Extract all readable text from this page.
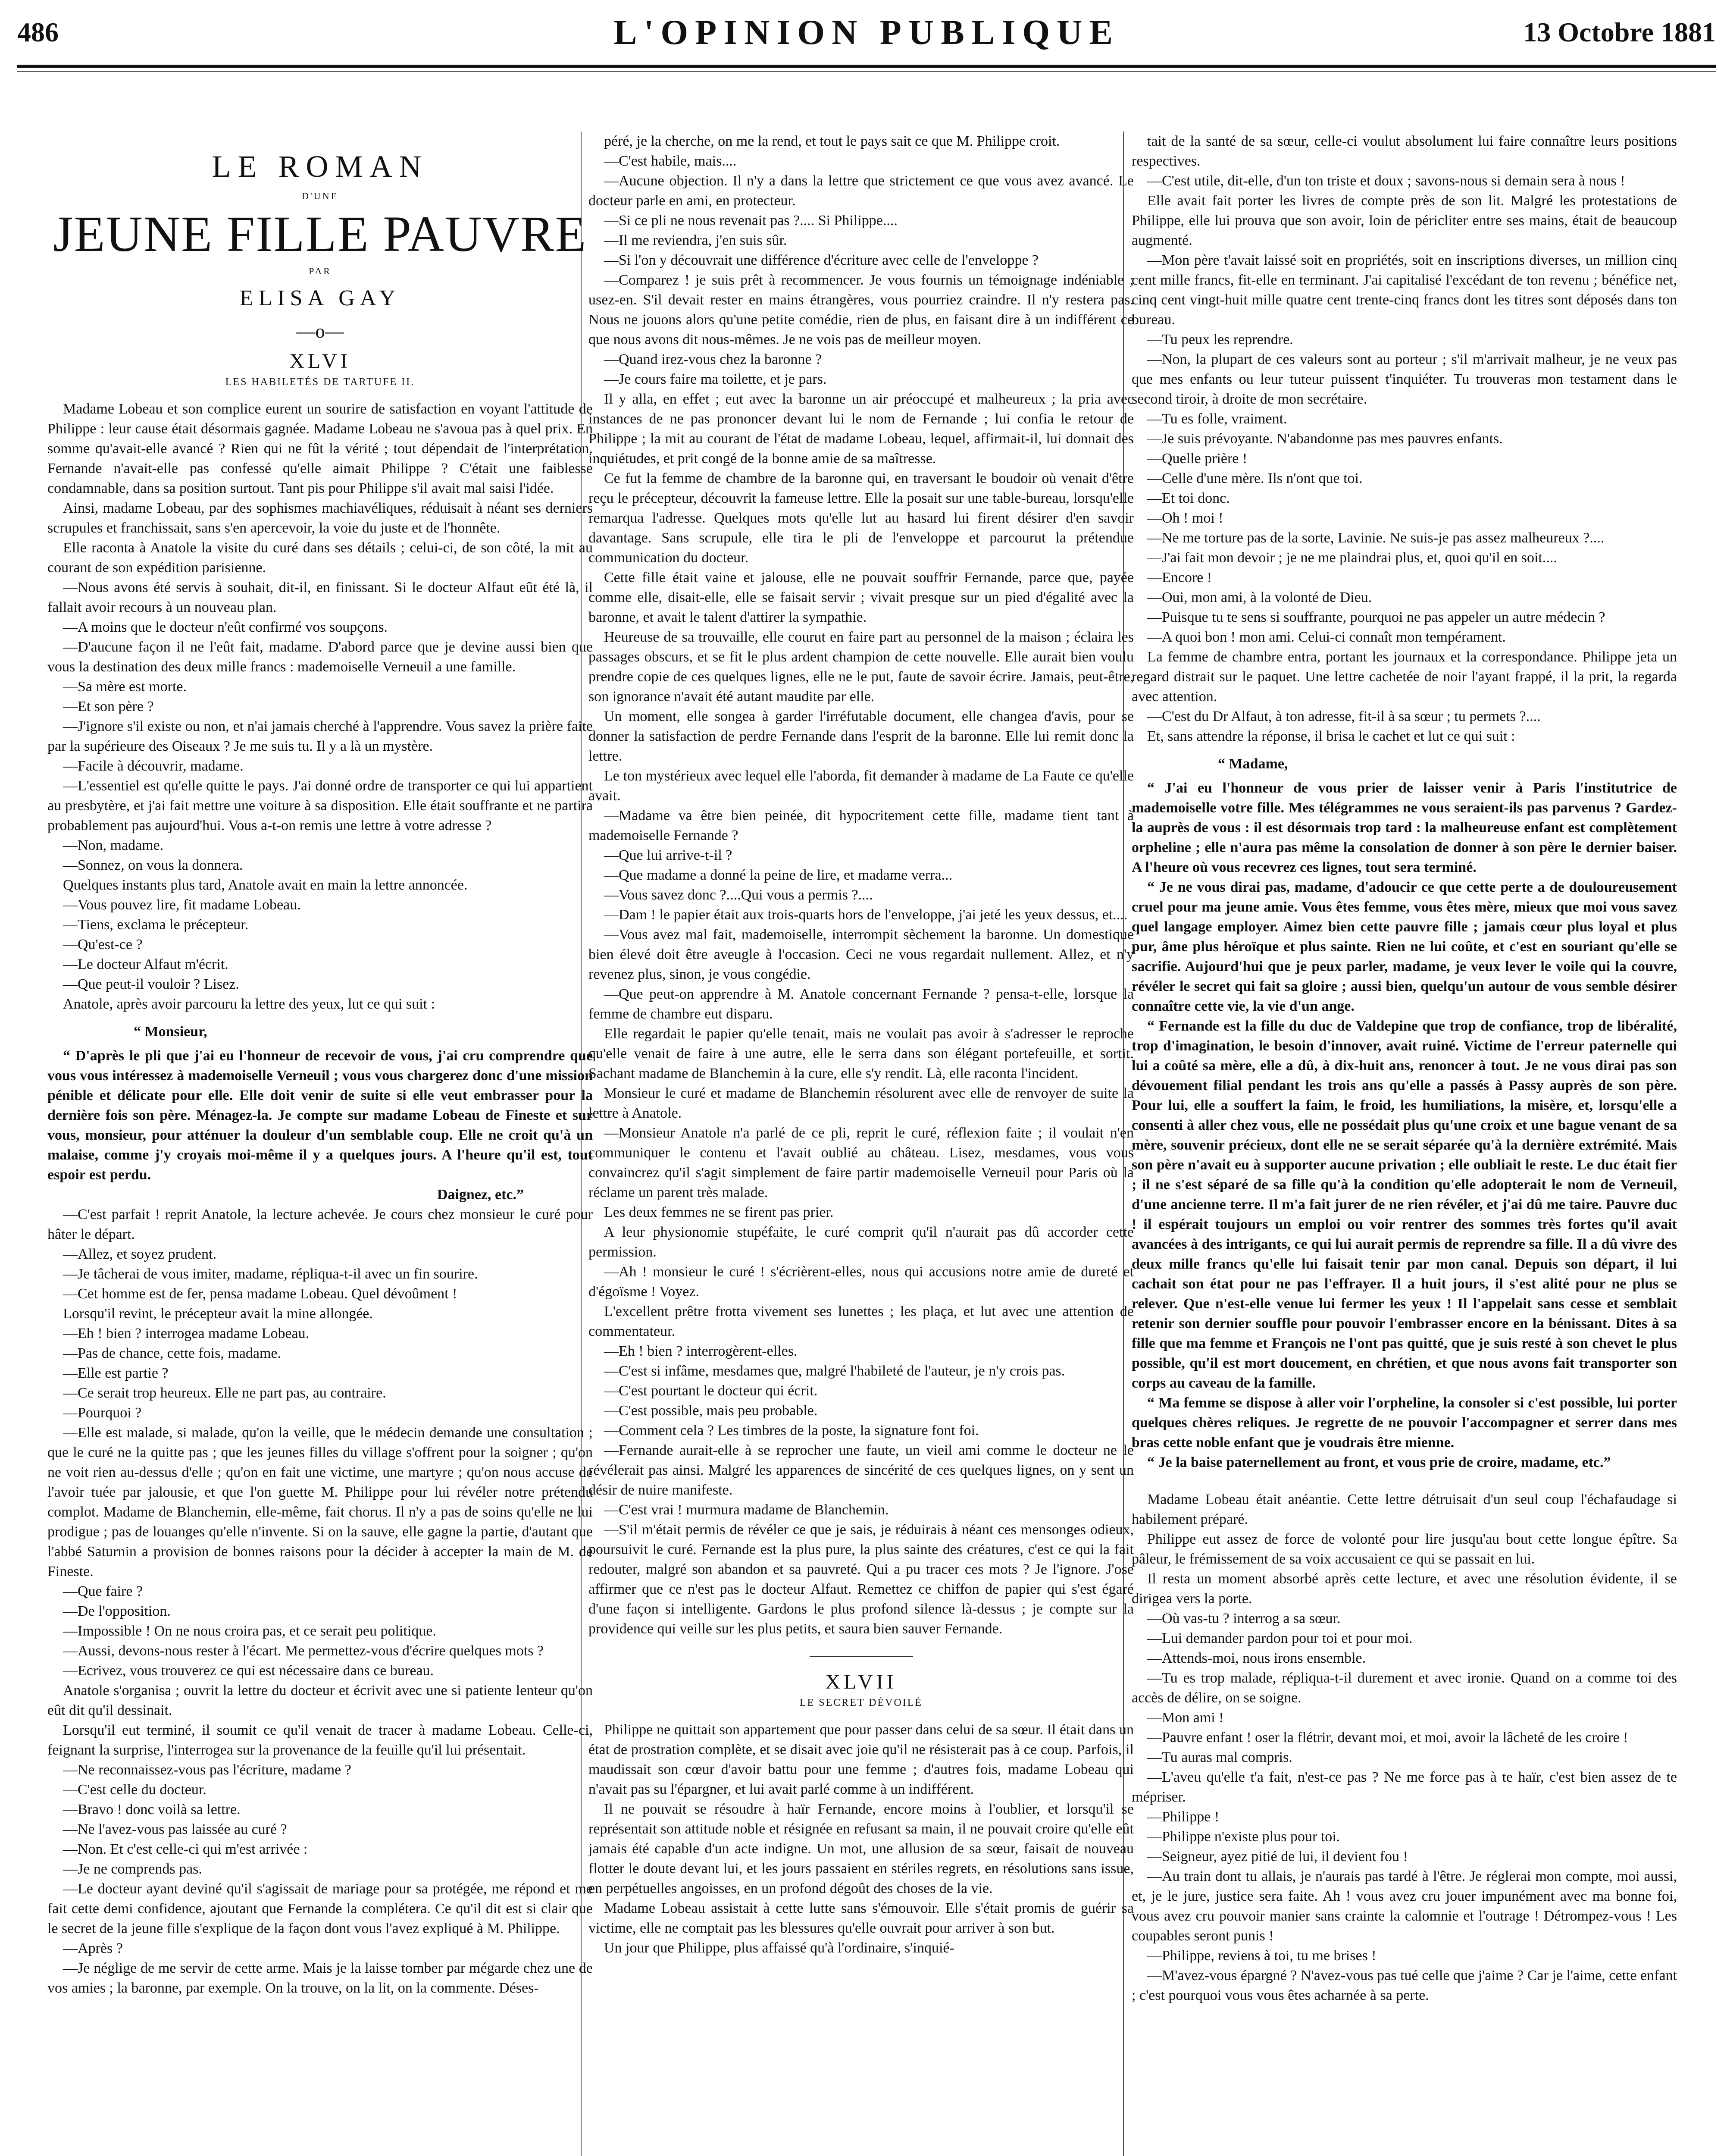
486	L'OPINION PUBLIQUE	13 Octobre 1881
LE ROMAN
D'UNE
JEUNE FILLE PAUVRE
PAR
ELISA GAY
—o—
XLVI
LES HABILETÉS DE TARTUFE II.

Madame Lobeau et son complice eurent un sourire de satisfaction en voyant l'attitude de Philippe : leur cause était désormais gagnée. Madame Lobeau ne s'avoua pas à quel prix. En somme qu'avait-elle avancé ? Rien qui ne fût la vérité ; tout dépendait de l'interprétation. Fernande n'avait-elle pas confessé qu'elle aimait Philippe ? C'était une faiblesse condamnable, dans sa position surtout. Tant pis pour Philippe s'il avait mal saisi l'idée.

Ainsi, madame Lobeau, par des sophismes machiavéliques, réduisait à néant ses derniers scrupules et franchissait, sans s'en apercevoir, la voie du juste et de l'honnête.

Elle raconta à Anatole la visite du curé dans ses détails ; celui-ci, de son côté, la mit au courant de son expédition parisienne.

—Nous avons été servis à souhait, dit-il, en finissant. Si le docteur Alfaut eût été là, il fallait avoir recours à un nouveau plan.

—A moins que le docteur n'eût confirmé vos soupçons.

—D'aucune façon il ne l'eût fait, madame. D'abord parce que je devine aussi bien que vous la destination des deux mille francs : mademoiselle Verneuil a une famille.

—Sa mère est morte.

—Et son père ?

—J'ignore s'il existe ou non, et n'ai jamais cherché à l'apprendre. Vous savez la prière faite par la supérieure des Oiseaux ? Je me suis tu. Il y a là un mystère.

—Facile à découvrir, madame.

—L'essentiel est qu'elle quitte le pays. J'ai donné ordre de transporter ce qui lui appartient au presbytère, et j'ai fait mettre une voiture à sa disposition. Elle était souffrante et ne partira probablement pas aujourd'hui. Vous a-t-on remis une lettre à votre adresse ?

—Non, madame.

—Sonnez, on vous la donnera.

Quelques instants plus tard, Anatole avait en main la lettre annoncée.

—Vous pouvez lire, fit madame Lobeau.

—Tiens, exclama le précepteur.

—Qu'est-ce ?

—Le docteur Alfaut m'écrit.

—Que peut-il vouloir ? Lisez.

Anatole, après avoir parcouru la lettre des yeux, lut ce qui suit :

“ Monsieur,

“ D'après le pli que j'ai eu l'honneur de recevoir de vous, j'ai cru comprendre que vous vous intéressez à mademoiselle Verneuil ; vous vous chargerez donc d'une mission pénible et délicate pour elle. Elle doit venir de suite si elle veut embrasser pour la dernière fois son père. Ménagez-la. Je compte sur madame Lobeau de Fineste et sur vous, monsieur, pour atténuer la douleur d'un semblable coup. Elle ne croit qu'à un malaise, comme j'y croyais moi-même il y a quelques jours. A l'heure qu'il est, tout espoir est perdu.

Daignez, etc.”

—C'est parfait ! reprit Anatole, la lecture achevée. Je cours chez monsieur le curé pour hâter le départ.

—Allez, et soyez prudent.

—Je tâcherai de vous imiter, madame, répliqua-t-il avec un fin sourire.

—Cet homme est de fer, pensa madame Lobeau. Quel dévoûment !

Lorsqu'il revint, le précepteur avait la mine allongée.

—Eh ! bien ? interrogea madame Lobeau.

—Pas de chance, cette fois, madame.

—Elle est partie ?

—Ce serait trop heureux. Elle ne part pas, au contraire.

—Pourquoi ?

—Elle est malade, si malade, qu'on la veille, que le médecin demande une consultation ; que le curé ne la quitte pas ; que les jeunes filles du village s'offrent pour la soigner ; qu'on ne voit rien au-dessus d'elle ; qu'on en fait une victime, une martyre ; qu'on nous accuse de l'avoir tuée par jalousie, et que l'on guette M. Philippe pour lui révéler notre prétendu complot. Madame de Blanchemin, elle-même, fait chorus. Il n'y a pas de soins qu'elle ne lui prodigue ; pas de louanges qu'elle n'invente. Si on la sauve, elle gagne la partie, d'autant que l'abbé Saturnin a provision de bonnes raisons pour la décider à accepter la main de M. de Fineste.

—Que faire ?

—De l'opposition.

—Impossible ! On ne nous croira pas, et ce serait peu politique.

—Aussi, devons-nous rester à l'écart. Me permettez-vous d'écrire quelques mots ?

—Ecrivez, vous trouverez ce qui est nécessaire dans ce bureau.

Anatole s'organisa ; ouvrit la lettre du docteur et écrivit avec une si patiente lenteur qu'on eût dit qu'il dessinait.

Lorsqu'il eut terminé, il soumit ce qu'il venait de tracer à madame Lobeau. Celle-ci, feignant la surprise, l'interrogea sur la provenance de la feuille qu'il lui présentait.

—Ne reconnaissez-vous pas l'écriture, madame ?

—C'est celle du docteur.

—Bravo ! donc voilà sa lettre.

—Ne l'avez-vous pas laissée au curé ?

—Non. Et c'est celle-ci qui m'est arrivée :

—Je ne comprends pas.

—Le docteur ayant deviné qu'il s'agissait de mariage pour sa protégée, me répond et me fait cette demi confidence, ajoutant que Fernande la complétera. Ce qu'il dit est si clair que le secret de la jeune fille s'explique de la façon dont vous l'avez expliqué à M. Philippe.

—Après ?

—Je néglige de me servir de cette arme. Mais je la laisse tomber par mégarde chez une de vos amies ; la baronne, par exemple. On la trouve, on la lit, on la commente. Déses-

péré, je la cherche, on me la rend, et tout le pays sait ce que M. Philippe croit.

—C'est habile, mais....

—Aucune objection. Il n'y a dans la lettre que strictement ce que vous avez avancé. Le docteur parle en ami, en protecteur.

—Si ce pli ne nous revenait pas ?.... Si Philippe....

—Il me reviendra, j'en suis sûr.

—Si l'on y découvrait une différence d'écriture avec celle de l'enveloppe ?

—Comparez ! je suis prêt à recommencer. Je vous fournis un témoignage indéniable ; usez-en. S'il devait rester en mains étrangères, vous pourriez craindre. Il n'y restera pas. Nous ne jouons alors qu'une petite comédie, rien de plus, en faisant dire à un indifférent ce que nous avons dit nous-mêmes. Je ne vois pas de meilleur moyen.

—Quand irez-vous chez la baronne ?

—Je cours faire ma toilette, et je pars.

Il y alla, en effet ; eut avec la baronne un air préoccupé et malheureux ; la pria avec instances de ne pas prononcer devant lui le nom de Fernande ; lui confia le retour de Philippe ; la mit au courant de l'état de madame Lobeau, lequel, affirmait-il, lui donnait des inquiétudes, et prit congé de la bonne amie de sa maîtresse.

Ce fut la femme de chambre de la baronne qui, en traversant le boudoir où venait d'être reçu le précepteur, découvrit la fameuse lettre. Elle la posait sur une table-bureau, lorsqu'elle remarqua l'adresse. Quelques mots qu'elle lut au hasard lui firent désirer d'en savoir davantage. Sans scrupule, elle tira le pli de l'enveloppe et parcourut la prétendue communication du docteur.

Cette fille était vaine et jalouse, elle ne pouvait souffrir Fernande, parce que, payée comme elle, disait-elle, elle se faisait servir ; vivait presque sur un pied d'égalité avec la baronne, et avait le talent d'attirer la sympathie.

Heureuse de sa trouvaille, elle courut en faire part au personnel de la maison ; éclaira les passages obscurs, et se fit le plus ardent champion de cette nouvelle. Elle aurait bien voulu prendre copie de ces quelques lignes, elle ne le put, faute de savoir écrire. Jamais, peut-être, son ignorance n'avait été autant maudite par elle.

Un moment, elle songea à garder l'irréfutable document, elle changea d'avis, pour se donner la satisfaction de perdre Fernande dans l'esprit de la baronne. Elle lui remit donc la lettre.

Le ton mystérieux avec lequel elle l'aborda, fit demander à madame de La Faute ce qu'elle avait.

—Madame va être bien peinée, dit hypocritement cette fille, madame tient tant à mademoiselle Fernande ?

—Que lui arrive-t-il ?

—Que madame a donné la peine de lire, et madame verra...

—Vous savez donc ?....Qui vous a permis ?....

—Dam ! le papier était aux trois-quarts hors de l'enveloppe, j'ai jeté les yeux dessus, et....

—Vous avez mal fait, mademoiselle, interrompit sèchement la baronne. Un domestique bien élevé doit être aveugle à l'occasion. Ceci ne vous regardait nullement. Allez, et n'y revenez plus, sinon, je vous congédie.

—Que peut-on apprendre à M. Anatole concernant Fernande ? pensa-t-elle, lorsque la femme de chambre eut disparu.

Elle regardait le papier qu'elle tenait, mais ne voulait pas avoir à s'adresser le reproche qu'elle venait de faire à une autre, elle le serra dans son élégant portefeuille, et sortit. Sachant madame de Blanchemin à la cure, elle s'y rendit. Là, elle raconta l'incident.

Monsieur le curé et madame de Blanchemin résolurent avec elle de renvoyer de suite la lettre à Anatole.

—Monsieur Anatole n'a parlé de ce pli, reprit le curé, réflexion faite ; il voulait n'en communiquer le contenu et l'avait oublié au château. Lisez, mesdames, vous vous convaincrez qu'il s'agit simplement de faire partir mademoiselle Verneuil pour Paris où la réclame un parent très malade.

Les deux femmes ne se firent pas prier.

A leur physionomie stupéfaite, le curé comprit qu'il n'aurait pas dû accorder cette permission.

—Ah ! monsieur le curé ! s'écrièrent-elles, nous qui accusions notre amie de dureté et d'égoïsme ! Voyez.

L'excellent prêtre frotta vivement ses lunettes ; les plaça, et lut avec une attention de commentateur.

—Eh ! bien ? interrogèrent-elles.

—C'est si infâme, mesdames que, malgré l'habileté de l'auteur, je n'y crois pas.

—C'est pourtant le docteur qui écrit.

—C'est possible, mais peu probable.

—Comment cela ? Les timbres de la poste, la signature font foi.

—Fernande aurait-elle à se reprocher une faute, un vieil ami comme le docteur ne le révélerait pas ainsi. Malgré les apparences de sincérité de ces quelques lignes, on y sent un désir de nuire manifeste.

—C'est vrai ! murmura madame de Blanchemin.

—S'il m'était permis de révéler ce que je sais, je réduirais à néant ces mensonges odieux, poursuivit le curé. Fernande est la plus pure, la plus sainte des créatures, c'est ce qui la fait redouter, malgré son abandon et sa pauvreté. Qui a pu tracer ces mots ? Je l'ignore. J'ose affirmer que ce n'est pas le docteur Alfaut. Remettez ce chiffon de papier qui s'est égaré d'une façon si intelligente. Gardons le plus profond silence là-dessus ; je compte sur la providence qui veille sur les plus petits, et saura bien sauver Fernande.

XLVII
LE SECRET DÉVOILÉ

Philippe ne quittait son appartement que pour passer dans celui de sa sœur. Il était dans un état de prostration complète, et se disait avec joie qu'il ne résisterait pas à ce coup. Parfois, il maudissait son cœur d'avoir battu pour une femme ; d'autres fois, madame Lobeau qui n'avait pas su l'épargner, et lui avait parlé comme à un indifférent.

Il ne pouvait se résoudre à haïr Fernande, encore moins à l'oublier, et lorsqu'il se représentait son attitude noble et résignée en refusant sa main, il ne pouvait croire qu'elle eût jamais été capable d'un acte indigne. Un mot, une allusion de sa sœur, faisait de nouveau flotter le doute devant lui, et les jours passaient en stériles regrets, en résolutions sans issue, en perpétuelles angoisses, en un profond dégoût des choses de la vie.

Madame Lobeau assistait à cette lutte sans s'émouvoir. Elle s'était promis de guérir sa victime, elle ne comptait pas les blessures qu'elle ouvrait pour arriver à son but.

Un jour que Philippe, plus affaissé qu'à l'ordinaire, s'inquié-

tait de la santé de sa sœur, celle-ci voulut absolument lui faire connaître leurs positions respectives.

—C'est utile, dit-elle, d'un ton triste et doux ; savons-nous si demain sera à nous !

Elle avait fait porter les livres de compte près de son lit. Malgré les protestations de Philippe, elle lui prouva que son avoir, loin de péricliter entre ses mains, était de beaucoup augmenté.

—Mon père t'avait laissé soit en propriétés, soit en inscriptions diverses, un million cinq cent mille francs, fit-elle en terminant. J'ai capitalisé l'excédant de ton revenu ; bénéfice net, cinq cent vingt-huit mille quatre cent trente-cinq francs dont les titres sont déposés dans ton bureau.

—Tu peux les reprendre.

—Non, la plupart de ces valeurs sont au porteur ; s'il m'arrivait malheur, je ne veux pas que mes enfants ou leur tuteur puissent t'inquiéter. Tu trouveras mon testament dans le second tiroir, à droite de mon secrétaire.

—Tu es folle, vraiment.

—Je suis prévoyante. N'abandonne pas mes pauvres enfants.

—Quelle prière !

—Celle d'une mère. Ils n'ont que toi.

—Et toi donc.

—Oh ! moi !

—Ne me torture pas de la sorte, Lavinie. Ne suis-je pas assez malheureux ?....

—J'ai fait mon devoir ; je ne me plaindrai plus, et, quoi qu'il en soit....

—Encore !

—Oui, mon ami, à la volonté de Dieu.

—Puisque tu te sens si souffrante, pourquoi ne pas appeler un autre médecin ?

—A quoi bon ! mon ami. Celui-ci connaît mon tempérament.

La femme de chambre entra, portant les journaux et la correspondance. Philippe jeta un regard distrait sur le paquet. Une lettre cachetée de noir l'ayant frappé, il la prit, la regarda avec attention.

—C'est du Dr Alfaut, à ton adresse, fit-il à sa sœur ; tu permets ?....

Et, sans attendre la réponse, il brisa le cachet et lut ce qui suit :

“ Madame,

“ J'ai eu l'honneur de vous prier de laisser venir à Paris l'institutrice de mademoiselle votre fille. Mes télégrammes ne vous seraient-ils pas parvenus ? Gardez-la auprès de vous : il est désormais trop tard : la malheureuse enfant est complètement orpheline ; elle n'aura pas même la consolation de donner à son père le dernier baiser. A l'heure où vous recevrez ces lignes, tout sera terminé.

“ Je ne vous dirai pas, madame, d'adoucir ce que cette perte a de douloureusement cruel pour ma jeune amie. Vous êtes femme, vous êtes mère, mieux que moi vous savez quel langage employer. Aimez bien cette pauvre fille ; jamais cœur plus loyal et plus pur, âme plus héroïque et plus sainte. Rien ne lui coûte, et c'est en souriant qu'elle se sacrifie. Aujourd'hui que je peux parler, madame, je veux lever le voile qui la couvre, révéler le secret qui fait sa gloire ; aussi bien, quelqu'un autour de vous semble désirer connaître cette vie, la vie d'un ange.

“ Fernande est la fille du duc de Valdepine que trop de confiance, trop de libéralité, trop d'imagination, le besoin d'innover, avait ruiné. Victime de l'erreur paternelle qui lui a coûté sa mère, elle a dû, à dix-huit ans, renoncer à tout. Je ne vous dirai pas son dévouement filial pendant les trois ans qu'elle a passés à Passy auprès de son père. Pour lui, elle a souffert la faim, le froid, les humiliations, la misère, et, lorsqu'elle a consenti à aller chez vous, elle ne possédait plus qu'une croix et une bague venant de sa mère, souvenir précieux, dont elle ne se serait séparée qu'à la dernière extrémité. Mais son père n'avait eu à supporter aucune privation ; elle oubliait le reste. Le duc était fier ; il ne s'est séparé de sa fille qu'à la condition qu'elle adopterait le nom de Verneuil, d'une ancienne terre. Il m'a fait jurer de ne rien révéler, et j'ai dû me taire. Pauvre duc ! il espérait toujours un emploi ou voir rentrer des sommes très fortes qu'il avait avancées à des intrigants, ce qui lui aurait permis de reprendre sa fille. Il a dû vivre des deux mille francs qu'elle lui faisait tenir par mon canal. Depuis son départ, il lui cachait son état pour ne pas l'effrayer. Il a huit jours, il s'est alité pour ne plus se relever. Que n'est-elle venue lui fermer les yeux ! Il l'appelait sans cesse et semblait retenir son dernier souffle pour pouvoir l'embrasser encore en la bénissant. Dites à sa fille que ma femme et François ne l'ont pas quitté, que je suis resté à son chevet le plus possible, qu'il est mort doucement, en chrétien, et que nous avons fait transporter son corps au caveau de la famille.

“ Ma femme se dispose à aller voir l'orpheline, la consoler si c'est possible, lui porter quelques chères reliques. Je regrette de ne pouvoir l'accompagner et serrer dans mes bras cette noble enfant que je voudrais être mienne.

“ Je la baise paternellement au front, et vous prie de croire, madame, etc.”

Madame Lobeau était anéantie. Cette lettre détruisait d'un seul coup l'échafaudage si habilement préparé.

Philippe eut assez de force de volonté pour lire jusqu'au bout cette longue épître. Sa pâleur, le frémissement de sa voix accusaient ce qui se passait en lui.

Il resta un moment absorbé après cette lecture, et avec une résolution évidente, il se dirigea vers la porte.

—Où vas-tu ? interrog a sa sœur.

—Lui demander pardon pour toi et pour moi.

—Attends-moi, nous irons ensemble.

—Tu es trop malade, répliqua-t-il durement et avec ironie. Quand on a comme toi des accès de délire, on se soigne.

—Mon ami !

—Pauvre enfant ! oser la flétrir, devant moi, et moi, avoir la lâcheté de les croire !

—Tu auras mal compris.

—L'aveu qu'elle t'a fait, n'est-ce pas ? Ne me force pas à te haïr, c'est bien assez de te mépriser.

—Philippe !

—Philippe n'existe plus pour toi.

—Seigneur, ayez pitié de lui, il devient fou !

—Au train dont tu allais, je n'aurais pas tardé à l'être. Je réglerai mon compte, moi aussi, et, je le jure, justice sera faite. Ah ! vous avez cru jouer impunément avec ma bonne foi, vous avez cru pouvoir manier sans crainte la calomnie et l'outrage ! Détrompez-vous ! Les coupables seront punis !

—Philippe, reviens à toi, tu me brises !

—M'avez-vous épargné ? N'avez-vous pas tué celle que j'aime ? Car je l'aime, cette enfant ; c'est pourquoi vous vous êtes acharnée à sa perte.
